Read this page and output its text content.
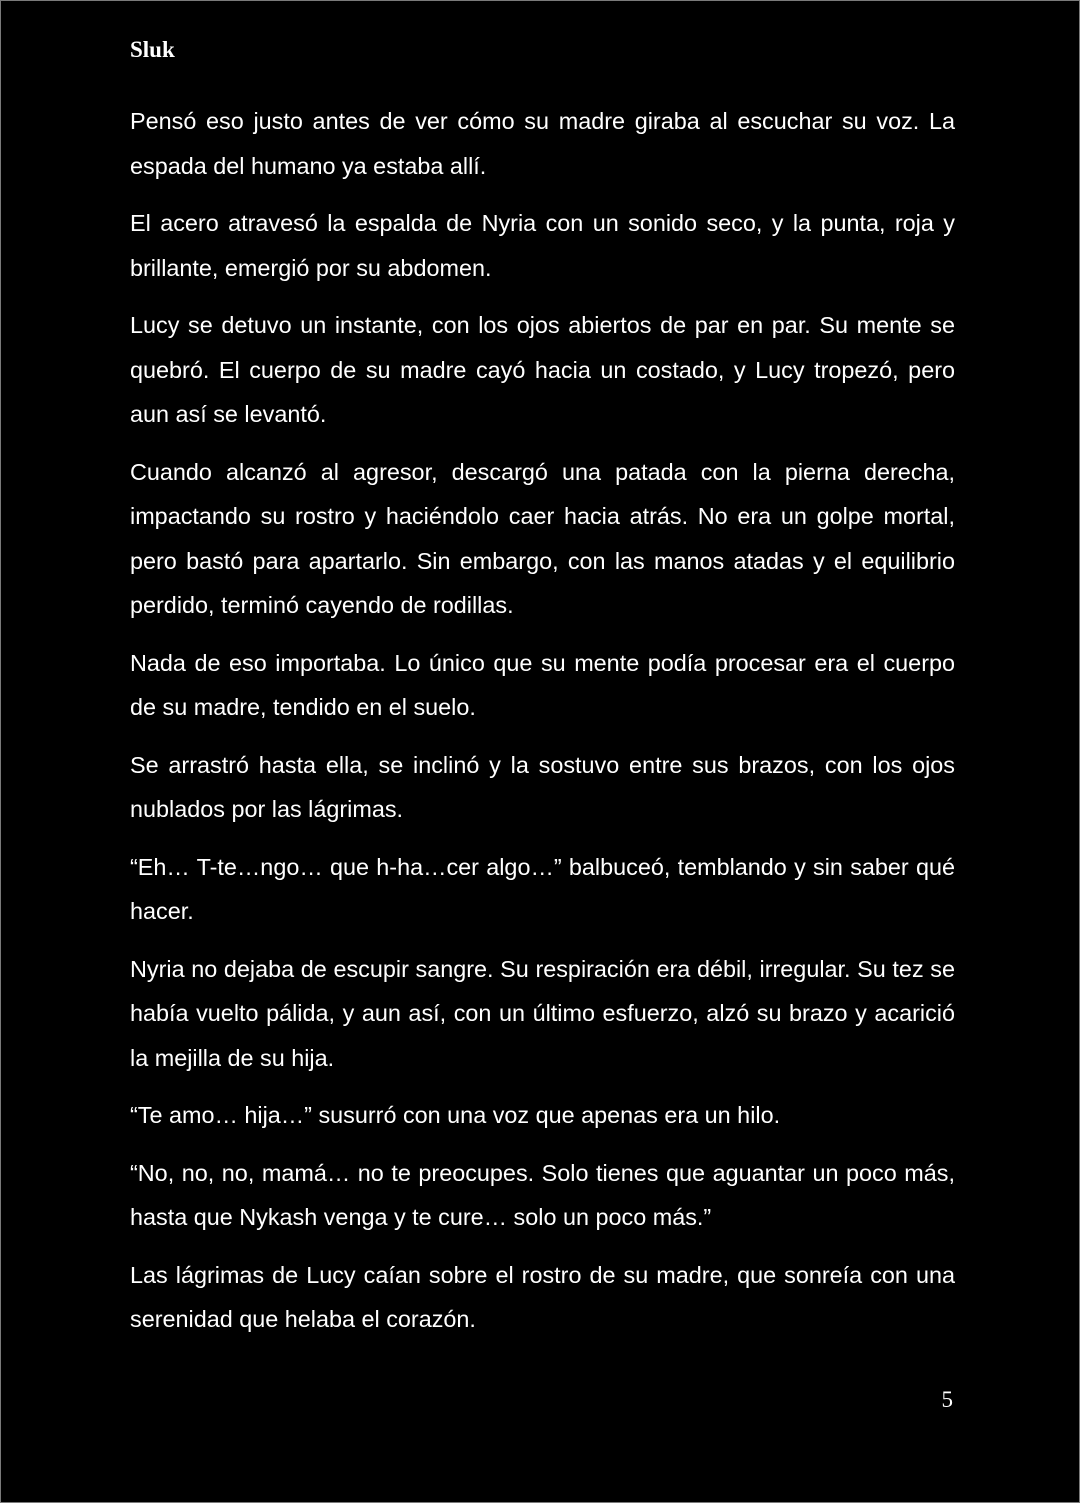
Sluk

Pensó eso justo antes de ver cómo su madre giraba al escuchar su voz. La espada del humano ya estaba allí.

El acero atravesó la espalda de Nyria con un sonido seco, y la punta, roja y brillante, emergió por su abdomen.

Lucy se detuvo un instante, con los ojos abiertos de par en par. Su mente se quebró. El cuerpo de su madre cayó hacia un costado, y Lucy tropezó, pero aun así se levantó.

Cuando alcanzó al agresor, descargó una patada con la pierna derecha, impactando su rostro y haciéndolo caer hacia atrás. No era un golpe mortal, pero bastó para apartarlo. Sin embargo, con las manos atadas y el equilibrio perdido, terminó cayendo de rodillas.

Nada de eso importaba. Lo único que su mente podía procesar era el cuerpo de su madre, tendido en el suelo.

Se arrastró hasta ella, se inclinó y la sostuvo entre sus brazos, con los ojos nublados por las lágrimas.

“Eh… T-te…ngo… que h-ha…cer algo…” balbuceó, temblando y sin saber qué hacer.

Nyria no dejaba de escupir sangre. Su respiración era débil, irregular. Su tez se había vuelto pálida, y aun así, con un último esfuerzo, alzó su brazo y acarició la mejilla de su hija.

“Te amo… hija…” susurró con una voz que apenas era un hilo.

“No, no, no, mamá… no te preocupes. Solo tienes que aguantar un poco más, hasta que Nykash venga y te cure… solo un poco más.”

Las lágrimas de Lucy caían sobre el rostro de su madre, que sonreía con una serenidad que helaba el corazón.

5
